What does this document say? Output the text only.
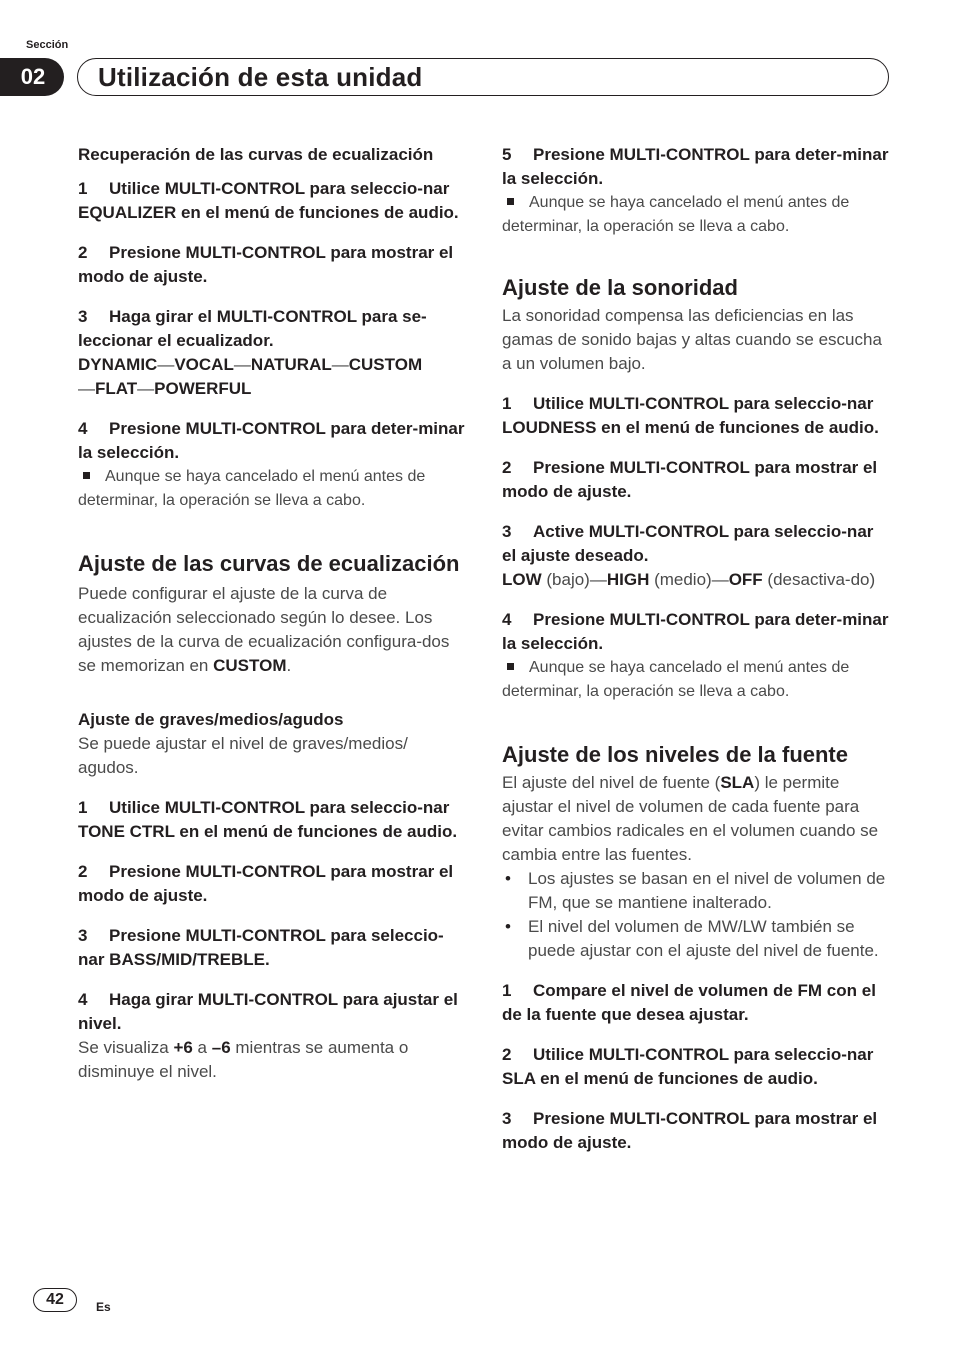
Sección
02	Utilización de esta unidad
Recuperación de las curvas de ecualización
1 Utilice MULTI-CONTROL para seleccio-nar EQUALIZER en el menú de funciones de audio.
2 Presione MULTI-CONTROL para mostrar el modo de ajuste.
3 Haga girar el MULTI-CONTROL para se-leccionar el ecualizador.
DYNAMIC—VOCAL—NATURAL—CUSTOM
—FLAT—POWERFUL
4 Presione MULTI-CONTROL para deter-minar la selección.
Aunque se haya cancelado el menú antes de determinar, la operación se lleva a cabo.
Ajuste de las curvas de ecualización
Puede configurar el ajuste de la curva de ecualización seleccionado según lo desee. Los ajustes de la curva de ecualización configura-dos se memorizan en CUSTOM.
Ajuste de graves/medios/agudos
Se puede ajustar el nivel de graves/medios/ agudos.
1 Utilice MULTI-CONTROL para seleccio-nar TONE CTRL en el menú de funciones de audio.
2 Presione MULTI-CONTROL para mostrar el modo de ajuste.
3 Presione MULTI-CONTROL para seleccio-nar BASS/MID/TREBLE.
4 Haga girar MULTI-CONTROL para ajustar el nivel.
Se visualiza +6 a –6 mientras se aumenta o disminuye el nivel.
5 Presione MULTI-CONTROL para deter-minar la selección.
Aunque se haya cancelado el menú antes de determinar, la operación se lleva a cabo.
Ajuste de la sonoridad
La sonoridad compensa las deficiencias en las gamas de sonido bajas y altas cuando se escucha a un volumen bajo.
1 Utilice MULTI-CONTROL para seleccio-nar LOUDNESS en el menú de funciones de audio.
2 Presione MULTI-CONTROL para mostrar el modo de ajuste.
3 Active MULTI-CONTROL para seleccio-nar el ajuste deseado.
LOW (bajo)—HIGH (medio)—OFF (desactiva-do)
4 Presione MULTI-CONTROL para deter-minar la selección.
Aunque se haya cancelado el menú antes de determinar, la operación se lleva a cabo.
Ajuste de los niveles de la fuente
El ajuste del nivel de fuente (SLA) le permite ajustar el nivel de volumen de cada fuente para evitar cambios radicales en el volumen cuando se cambia entre las fuentes.
• Los ajustes se basan en el nivel de volumen de FM, que se mantiene inalterado.
• El nivel del volumen de MW/LW también se puede ajustar con el ajuste del nivel de fuente.
1 Compare el nivel de volumen de FM con el de la fuente que desea ajustar.
2 Utilice MULTI-CONTROL para seleccio-nar SLA en el menú de funciones de audio.
3 Presione MULTI-CONTROL para mostrar el modo de ajuste.
42	Es
